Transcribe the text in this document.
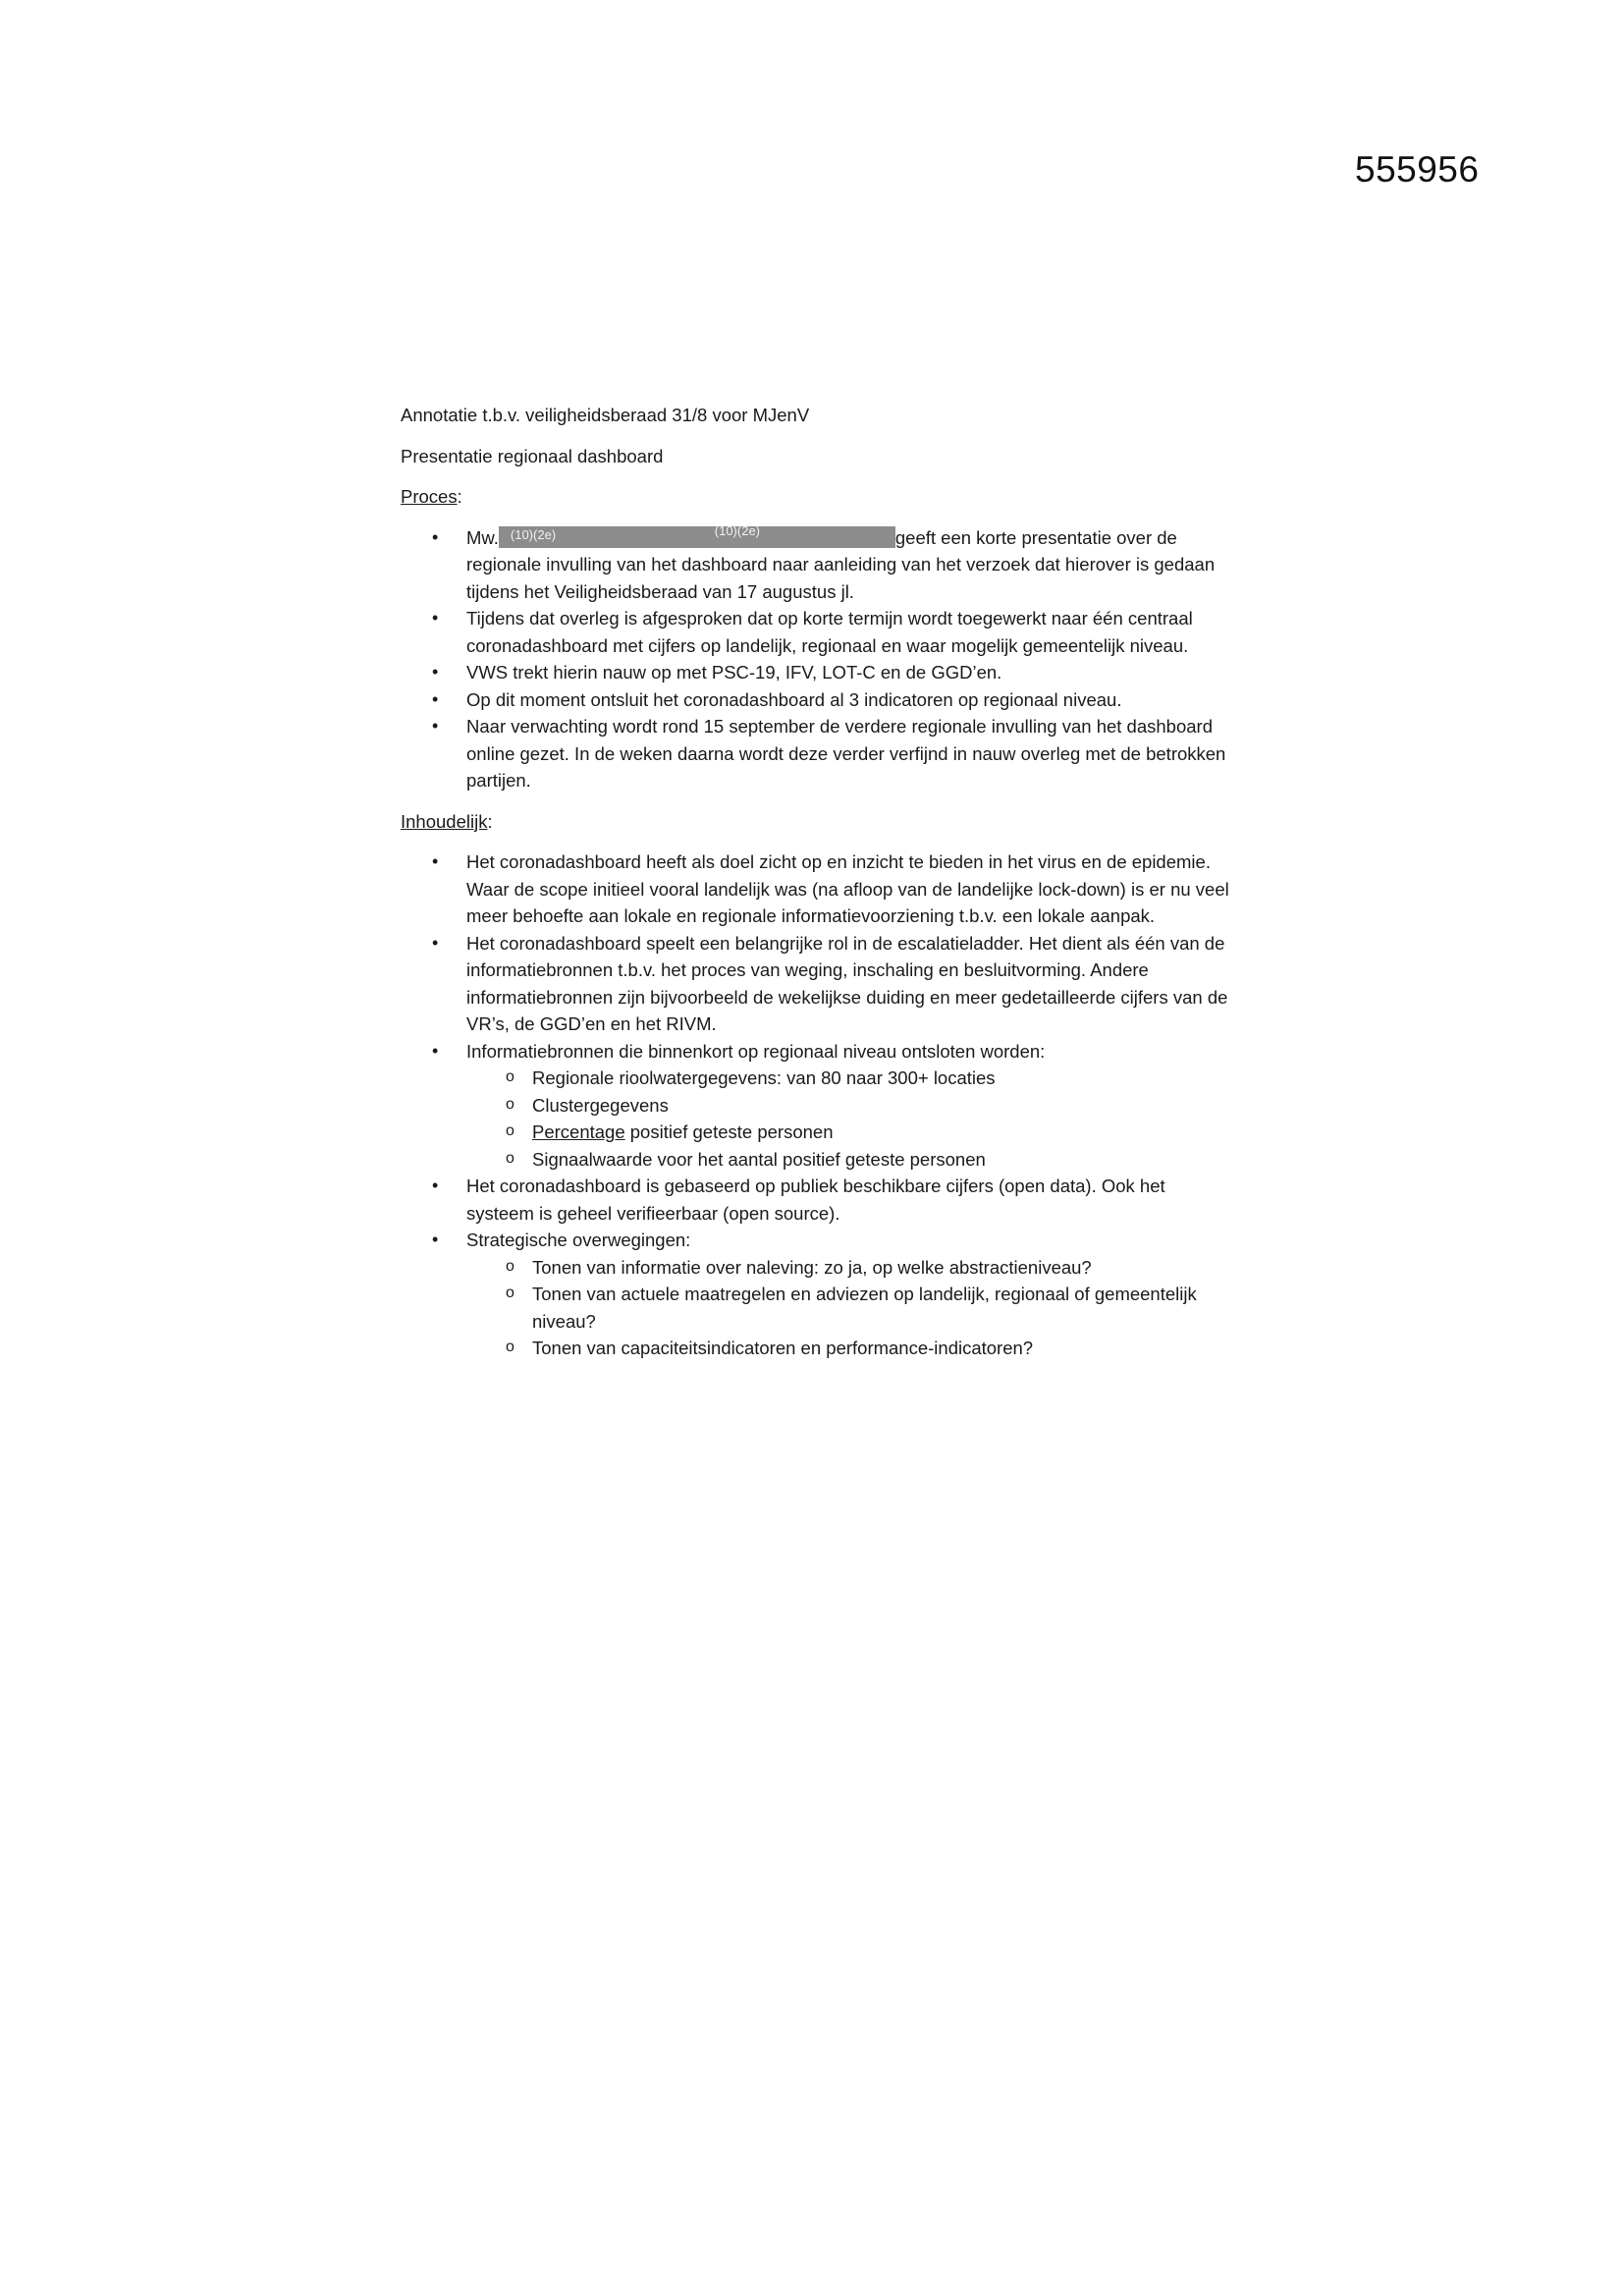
555956

Annotatie t.b.v. veiligheidsberaad 31/8 voor MJenV

Presentatie regionaal dashboard

Proces:

• Mw. (10)(2e)	(10)(2e)	geeft een korte presentatie over de regionale invulling van het dashboard naar aanleiding van het verzoek dat hierover is gedaan tijdens het Veiligheidsberaad van 17 augustus jl.
• Tijdens dat overleg is afgesproken dat op korte termijn wordt toegewerkt naar één centraal coronadashboard met cijfers op landelijk, regionaal en waar mogelijk gemeentelijk niveau.
• VWS trekt hierin nauw op met PSC-19, IFV, LOT-C en de GGD’en.
• Op dit moment ontsluit het coronadashboard al 3 indicatoren op regionaal niveau.
• Naar verwachting wordt rond 15 september de verdere regionale invulling van het dashboard online gezet. In de weken daarna wordt deze verder verfijnd in nauw overleg met de betrokken partijen.

Inhoudelijk:

• Het coronadashboard heeft als doel zicht op en inzicht te bieden in het virus en de epidemie. Waar de scope initieel vooral landelijk was (na afloop van de landelijke lock-down) is er nu veel meer behoefte aan lokale en regionale informatievoorziening t.b.v. een lokale aanpak.
• Het coronadashboard speelt een belangrijke rol in de escalatieladder. Het dient als één van de informatiebronnen t.b.v. het proces van weging, inschaling en besluitvorming. Andere informatiebronnen zijn bijvoorbeeld de wekelijkse duiding en meer gedetailleerde cijfers van de VR’s, de GGD’en en het RIVM.
• Informatiebronnen die binnenkort op regionaal niveau ontsloten worden:
o Regionale rioolwatergegevens: van 80 naar 300+ locaties
o Clustergegevens
o Percentage positief geteste personen
o Signaalwaarde voor het aantal positief geteste personen
• Het coronadashboard is gebaseerd op publiek beschikbare cijfers (open data). Ook het systeem is geheel verifieerbaar (open source).
• Strategische overwegingen:
o Tonen van informatie over naleving: zo ja, op welke abstractieniveau?
o Tonen van actuele maatregelen en adviezen op landelijk, regionaal of gemeentelijk niveau?
o Tonen van capaciteitsindicatoren en performance-indicatoren?
